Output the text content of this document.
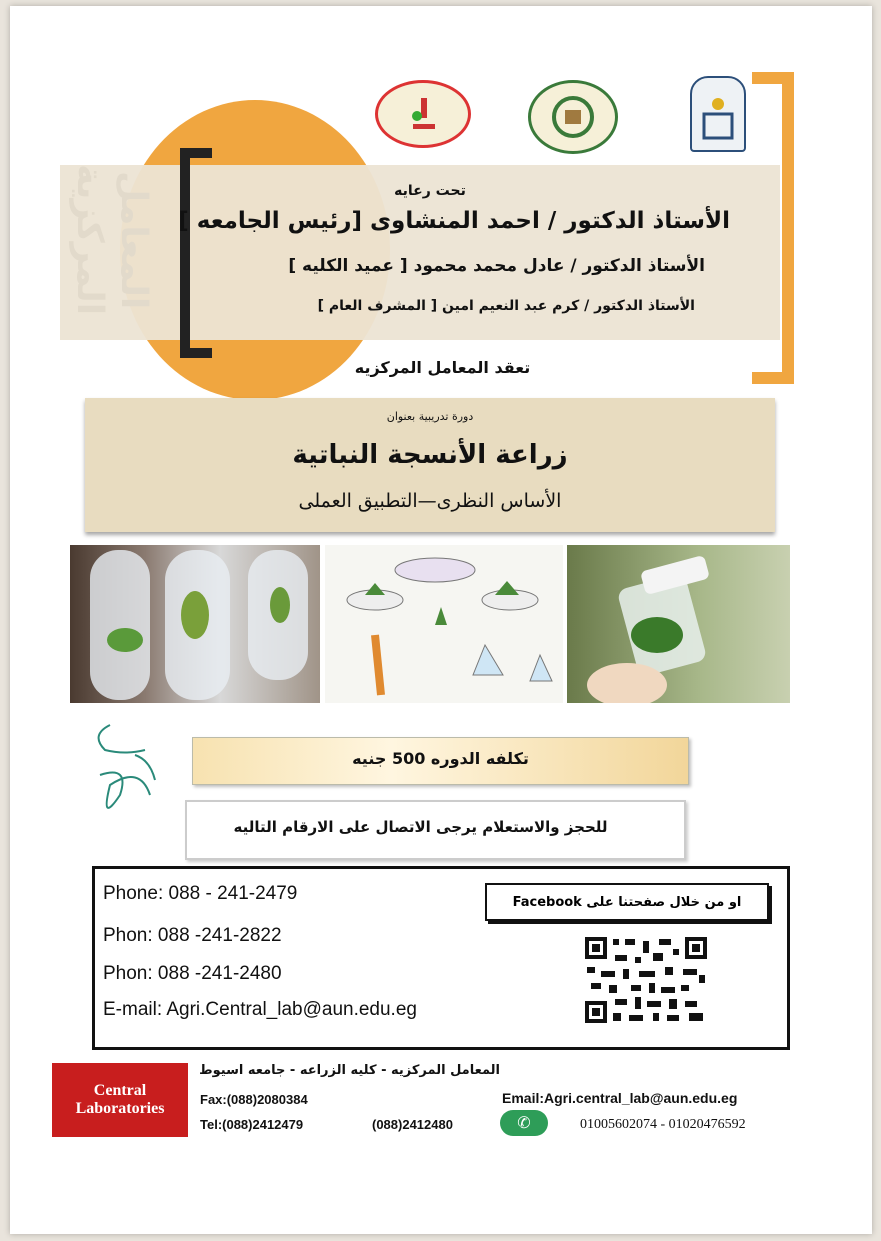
تحت رعايه
الأستاذ الدكتور / احمد المنشاوى [رئيس الجامعه ]
الأستاذ الدكتور / عادل محمد محمود [ عميد الكليه ]
الأستاذ الدكتور / كرم عبد النعيم امين [ المشرف العام ]
تعقد المعامل المركزيه
دورة تدريبية بعنوان
زراعة الأنسجة النباتية
الأساس النظرى—التطبيق العملى
تكلفه الدوره 500 جنيه
للحجز والاستعلام يرجى الاتصال على الارقام التاليه
Phone: 088 - 241-2479
Phon: 088 -241-2822
Phon: 088 -241-2480
E-mail: Agri.Central_lab@aun.edu.eg
او من خلال صفحتنا على Facebook
Central
Laboratories
المعامل المركزيه - كليه الزراعه - جامعه اسيوط
Fax:(088)2080384	Email:Agri.central_lab@aun.edu.eg
Tel:(088)2412479	(088)2412480	✆	01005602074 - 01020476592
